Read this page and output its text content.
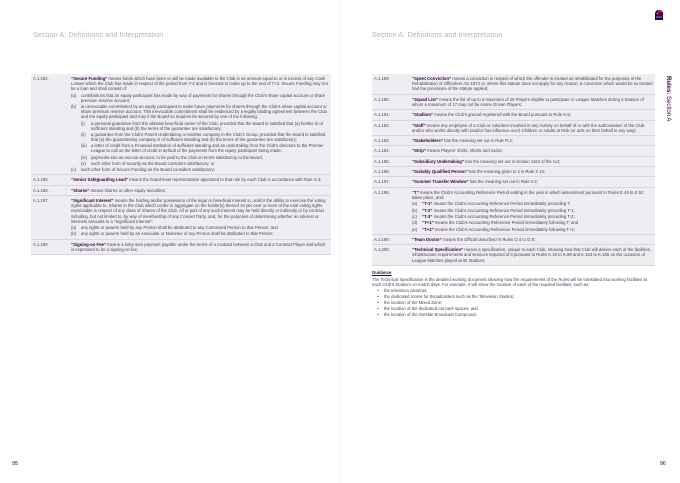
Section A: Definitions and Interpretation	Section A: Definitions and Interpretation
Rules: Section A
A.1.184.	“Secure Funding” means funds which have been or will be made available to the Club in an amount equal to or in excess of any Cash Losses which the Club has made in respect of the period from T-2 and is forecast to make up to the end of T+2. Secure Funding may not be a loan and shall consist of:
(a)	contributions that an equity participant has made by way of payments for shares through the Club’s share capital account or share premium reserve account;
(b)	an irrevocable commitment by an equity participant to make future payments for shares through the Club’s share capital account or share premium reserve account. This irrevocable commitment shall be evidenced by a legally binding agreement between the Club and the equity participant and may if the Board so requires be secured by one of the following:
(i)	a personal guarantee from the ultimate beneficial owner of the Club, provided that the Board is satisfied that (a) he/she is of sufficient standing and (b) the terms of the guarantee are satisfactory;
(ii)	a guarantee from the Club’s Parent Undertaking or another company in the Club’s Group, provided that the Board is satisfied that (a) the guaranteeing company is of sufficient standing and (b) the terms of the guarantee are satisfactory;
(iii)	a letter of credit from a Financial Institution of sufficient standing and an undertaking from the Club’s directors to the Premier League to call on the letter of credit in default of the payments from the equity participant being made;
(iv) payments into an escrow account, to be paid to the Club on terms satisfactory to the Board;
(v)	such other form of security as the Board considers satisfactory; or
(c)	such other form of Secure Funding as the Board considers satisfactory;
A.1.185.	“Senior Safeguarding Lead” means the board-level representative appointed to that role by each Club in accordance with Rule S.3;
A.1.186.	“Shares” means shares or other equity securities;
A.1.187.	“Significant Interest” means the holding and/or possession of the legal or beneficial interest in, and/or the ability to exercise the voting rights applicable to, Shares in the Club which confer in aggregate on the holder(s) thereof 10 per cent or more of the total voting rights exercisable in respect of any class of Shares of the Club. All or part of any such interest may be held directly or indirectly or by contract including, but not limited to, by way of membership of any Concert Party, and, for the purposes of determining whether an interest or interests amounts to a “Significant Interest”:
(a)	any rights or powers held by any Person shall be attributed to any Connected Person to that Person; and
(b)	any rights or powers held by an Associate or Nominee of any Person shall be attributed to that Person;
A.1.188.	“Signing-on Fee” means a lump sum payment payable under the terms of a contract between a Club and a Contract Player and which is expressed to be a signing-on fee;
A.1.189.	“Spent Conviction” means a conviction in respect of which the offender is treated as rehabilitated for the purposes of the Rehabilitation of Offenders Act 1974 or, where this statute does not apply for any reason, a conviction which would be so treated had the provisions of the statute applied;
A.1.190.	“Squad List” means the list of up to a maximum of 25 Players eligible to participate in League Matches during a Season of whom a maximum of 17 may not be Home Grown Players;
A.1.191.	“Stadium” means the Club’s ground registered with the Board pursuant to Rule K.5;
A.1.192.	“Staff” means any employee of a Club or volunteer involved in any Activity on behalf of or with the authorisation of the Club and/or who works directly with (and/or has influence over) Children or Adults at Risk (or acts on their behalf in any way);
A.1.193.	“Stakeholders” has the meaning set out in Rule R.2;
A.1.194.	“Strip” means Players’ shirts, shorts and socks;
A.1.195.	“Subsidiary Undertaking” has the meaning set out in section 1162 of the Act;
A.1.196.	“Suitably Qualified Person” has the meaning given to it in Rule X.10;
A.1.197.	“Summer Transfer Window” has the meaning set out in Rule V.2;
A.1.198.	“T” means the Club’s Accounting Reference Period ending in the year in which assessment pursuant to Rules E.45 to E.52 takes place, and:
(a)	“T-1” means the Club’s Accounting Reference Period immediately preceding T;
(b)	“T-2” means the Club’s Accounting Reference Period immediately preceding T-1;
(c)	“T-3” means the Club’s Accounting Reference Period immediately preceding T-2;
(d)	“T+1” means the Club’s Accounting Reference Period immediately following T; and
(e)	“T+2” means the Club’s Accounting Reference Period immediately following T+1;
A.1.199.	“Team Doctor” means the Official described in Rules O.4 to O.5;
A.1.200.	“Technical Specification” means a specification, unique to each Club, showing how that Club will deliver each of the facilities, infrastructure requirements and services required of it pursuant to Rules K.43 to K.89 and K.153 to K.155 on the occasion of League Matches played at its Stadium;
Guidance
The Technical Specification is the detailed working document showing how the requirements of the Rules will be translated into working facilities at each Club’s Stadium on match days. For example, it will show the location of each of the required facilities, such as:
•	the television cameras;
•	the dedicated rooms for Broadcasters such as the Television Studios;
•	the location of the Mixed Zone;
•	the location of the dedicated car park spaces; and
•	the location of the Outside Broadcast Compound.
95	96
